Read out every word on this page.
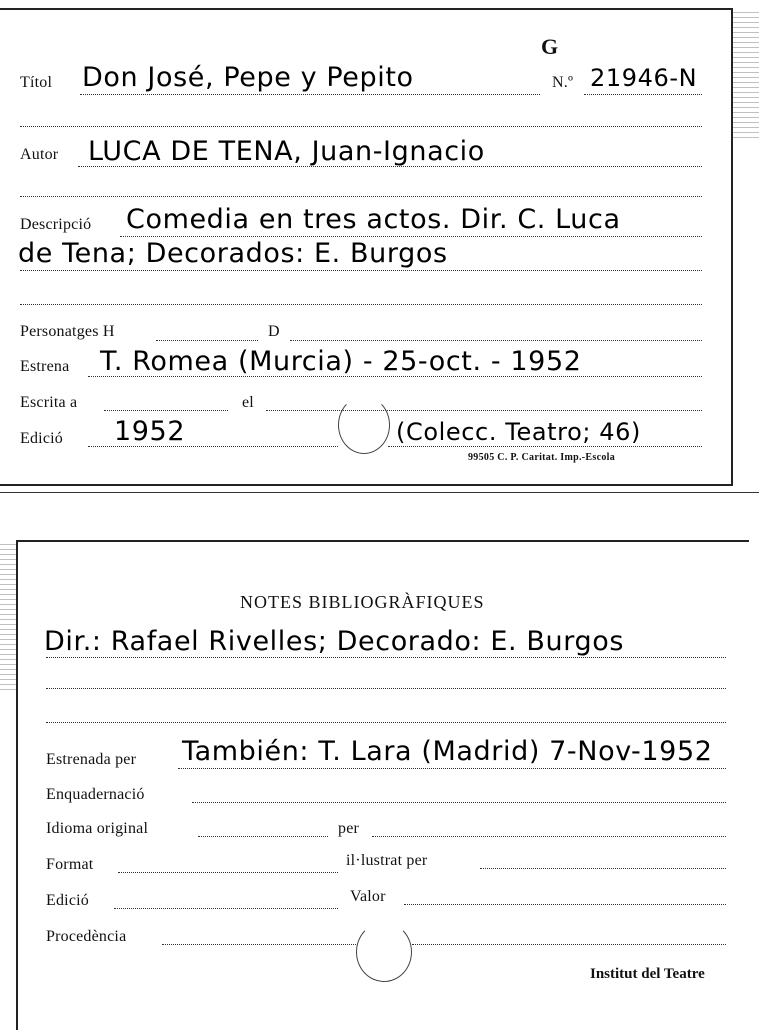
G
Títol Don José, Pepe y Pepito	N.º 21946-N
Autor LUCA DE TENA, Juan-Ignacio
Descripció Comedia en tres actos. Dir. C. Luca
de Tena; Decorados: E. Burgos
Personatges H	D
Estrena T. Romea (Murcia) - 25-oct. - 1952
Escrita a	el
Edició 1952	(Colecc. Teatro; 46)
99505 C. P. Caritat. Imp.-Escola
NOTES BIBLIOGRÀFIQUES
Dir.: Rafael Rivelles; Decorado: E. Burgos
Estrenada per También: T. Lara (Madrid) 7-Nov-1952
Enquadernació
Idioma original	per
Format	il·lustrat per
Edició	Valor
Procedència
Institut del Teatre
